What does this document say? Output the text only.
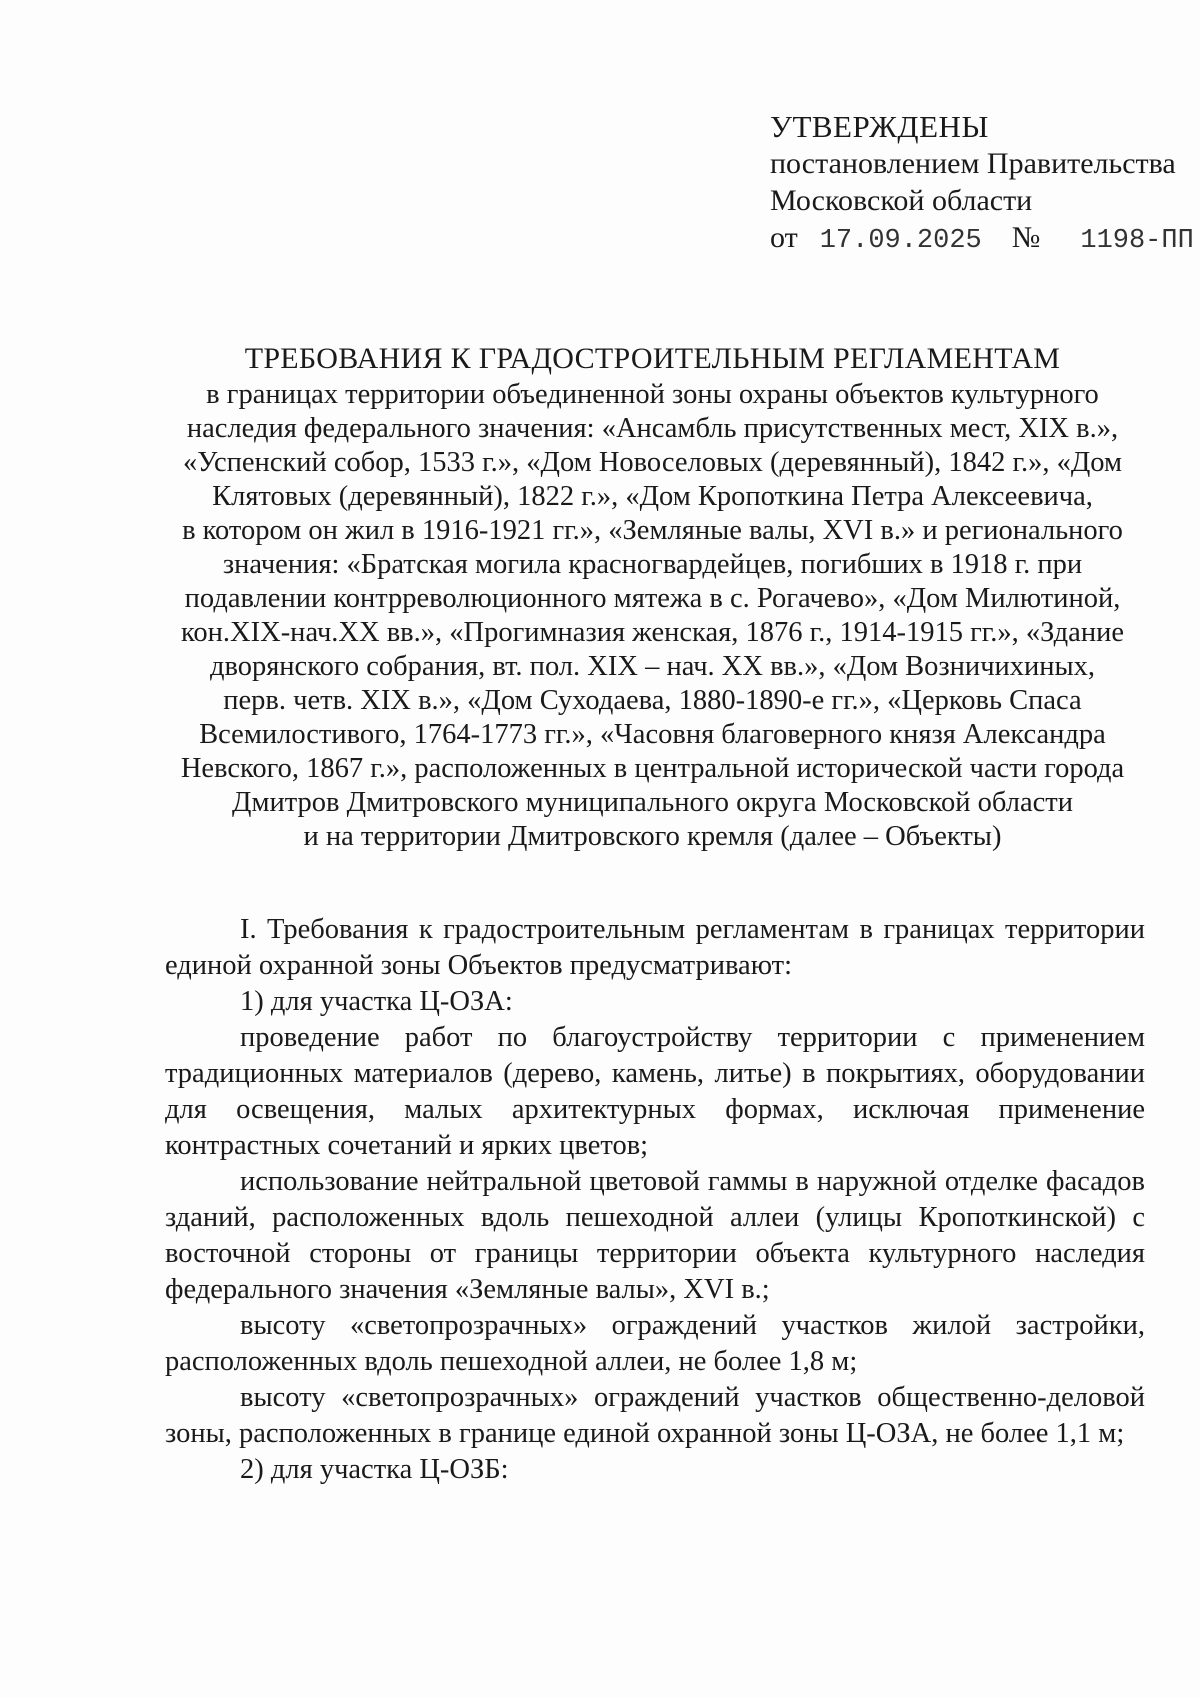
УТВЕРЖДЕНЫ
постановлением Правительства
Московской области
от 17.09.2025 № 1198-ПП
ТРЕБОВАНИЯ К ГРАДОСТРОИТЕЛЬНЫМ РЕГЛАМЕНТАМ
в границах территории объединенной зоны охраны объектов культурного
наследия федерального значения: «Ансамбль присутственных мест, XIX в.»,
«Успенский собор, 1533 г.», «Дом Новоселовых (деревянный), 1842 г.», «Дом
Клятовых (деревянный), 1822 г.», «Дом Кропоткина Петра Алексеевича,
в котором он жил в 1916-1921 гг.», «Земляные валы, XVI в.» и регионального
значения: «Братская могила красногвардейцев, погибших в 1918 г. при
подавлении контрреволюционного мятежа в с. Рогачево», «Дом Милютиной,
кон.XIX-нач.XX вв.», «Прогимназия женская, 1876 г., 1914-1915 гг.», «Здание
дворянского собрания, вт. пол. XIX – нач. XX вв.», «Дом Возничихиных,
перв. четв. XIX в.», «Дом Суходаева, 1880-1890-е гг.», «Церковь Спаса
Всемилостивого, 1764-1773 гг.», «Часовня благоверного князя Александра
Невского, 1867 г.», расположенных в центральной исторической части города
Дмитров Дмитровского муниципального округа Московской области
и на территории Дмитровского кремля (далее – Объекты)

I. Требования к градостроительным регламентам в границах территории единой охранной зоны Объектов предусматривают:

1) для участка Ц-ОЗА:

проведение работ по благоустройству территории с применением традиционных материалов (дерево, камень, литье) в покрытиях, оборудовании для освещения, малых архитектурных формах, исключая применение контрастных сочетаний и ярких цветов;

использование нейтральной цветовой гаммы в наружной отделке фасадов зданий, расположенных вдоль пешеходной аллеи (улицы Кропоткинской) с восточной стороны от границы территории объекта культурного наследия федерального значения «Земляные валы», XVI в.;

высоту «светопрозрачных» ограждений участков жилой застройки, расположенных вдоль пешеходной аллеи, не более 1,8 м;

высоту «светопрозрачных» ограждений участков общественно-деловой зоны, расположенных в границе единой охранной зоны Ц-ОЗА, не более 1,1 м;

2) для участка Ц-ОЗБ:
